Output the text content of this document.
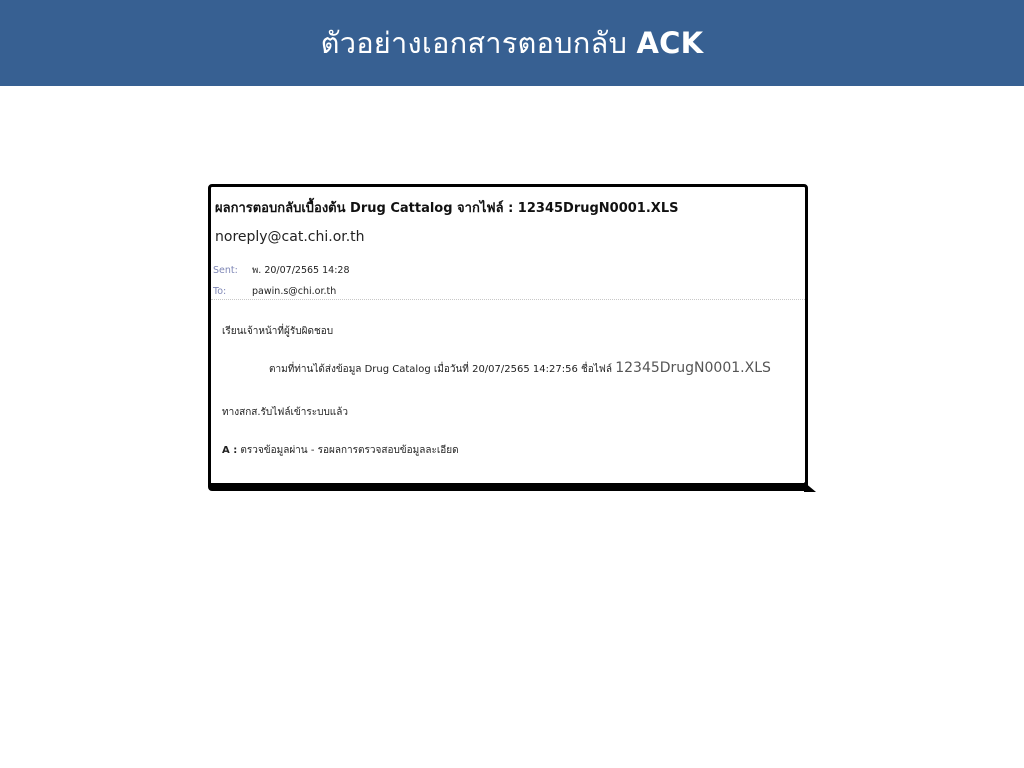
ตัวอย่างเอกสารตอบกลับ ACK
ผลการตอบกลับเบื้องต้น Drug Cattalog จากไฟล์ : 12345DrugN0001.XLS
noreply@cat.chi.or.th
Sent: พ. 20/07/2565 14:28
To:	pawin.s@chi.or.th
เรียนเจ้าหน้าที่ผู้รับผิดชอบ
ตามที่ท่านได้ส่งข้อมูล Drug Catalog เมื่อวันที่ 20/07/2565 14:27:56 ชื่อไฟล์ 12345DrugN0001.XLS
ทางสกส.รับไฟล์เข้าระบบแล้ว
A : ตรวจข้อมูลผ่าน - รอผลการตรวจสอบข้อมูลละเอียด
